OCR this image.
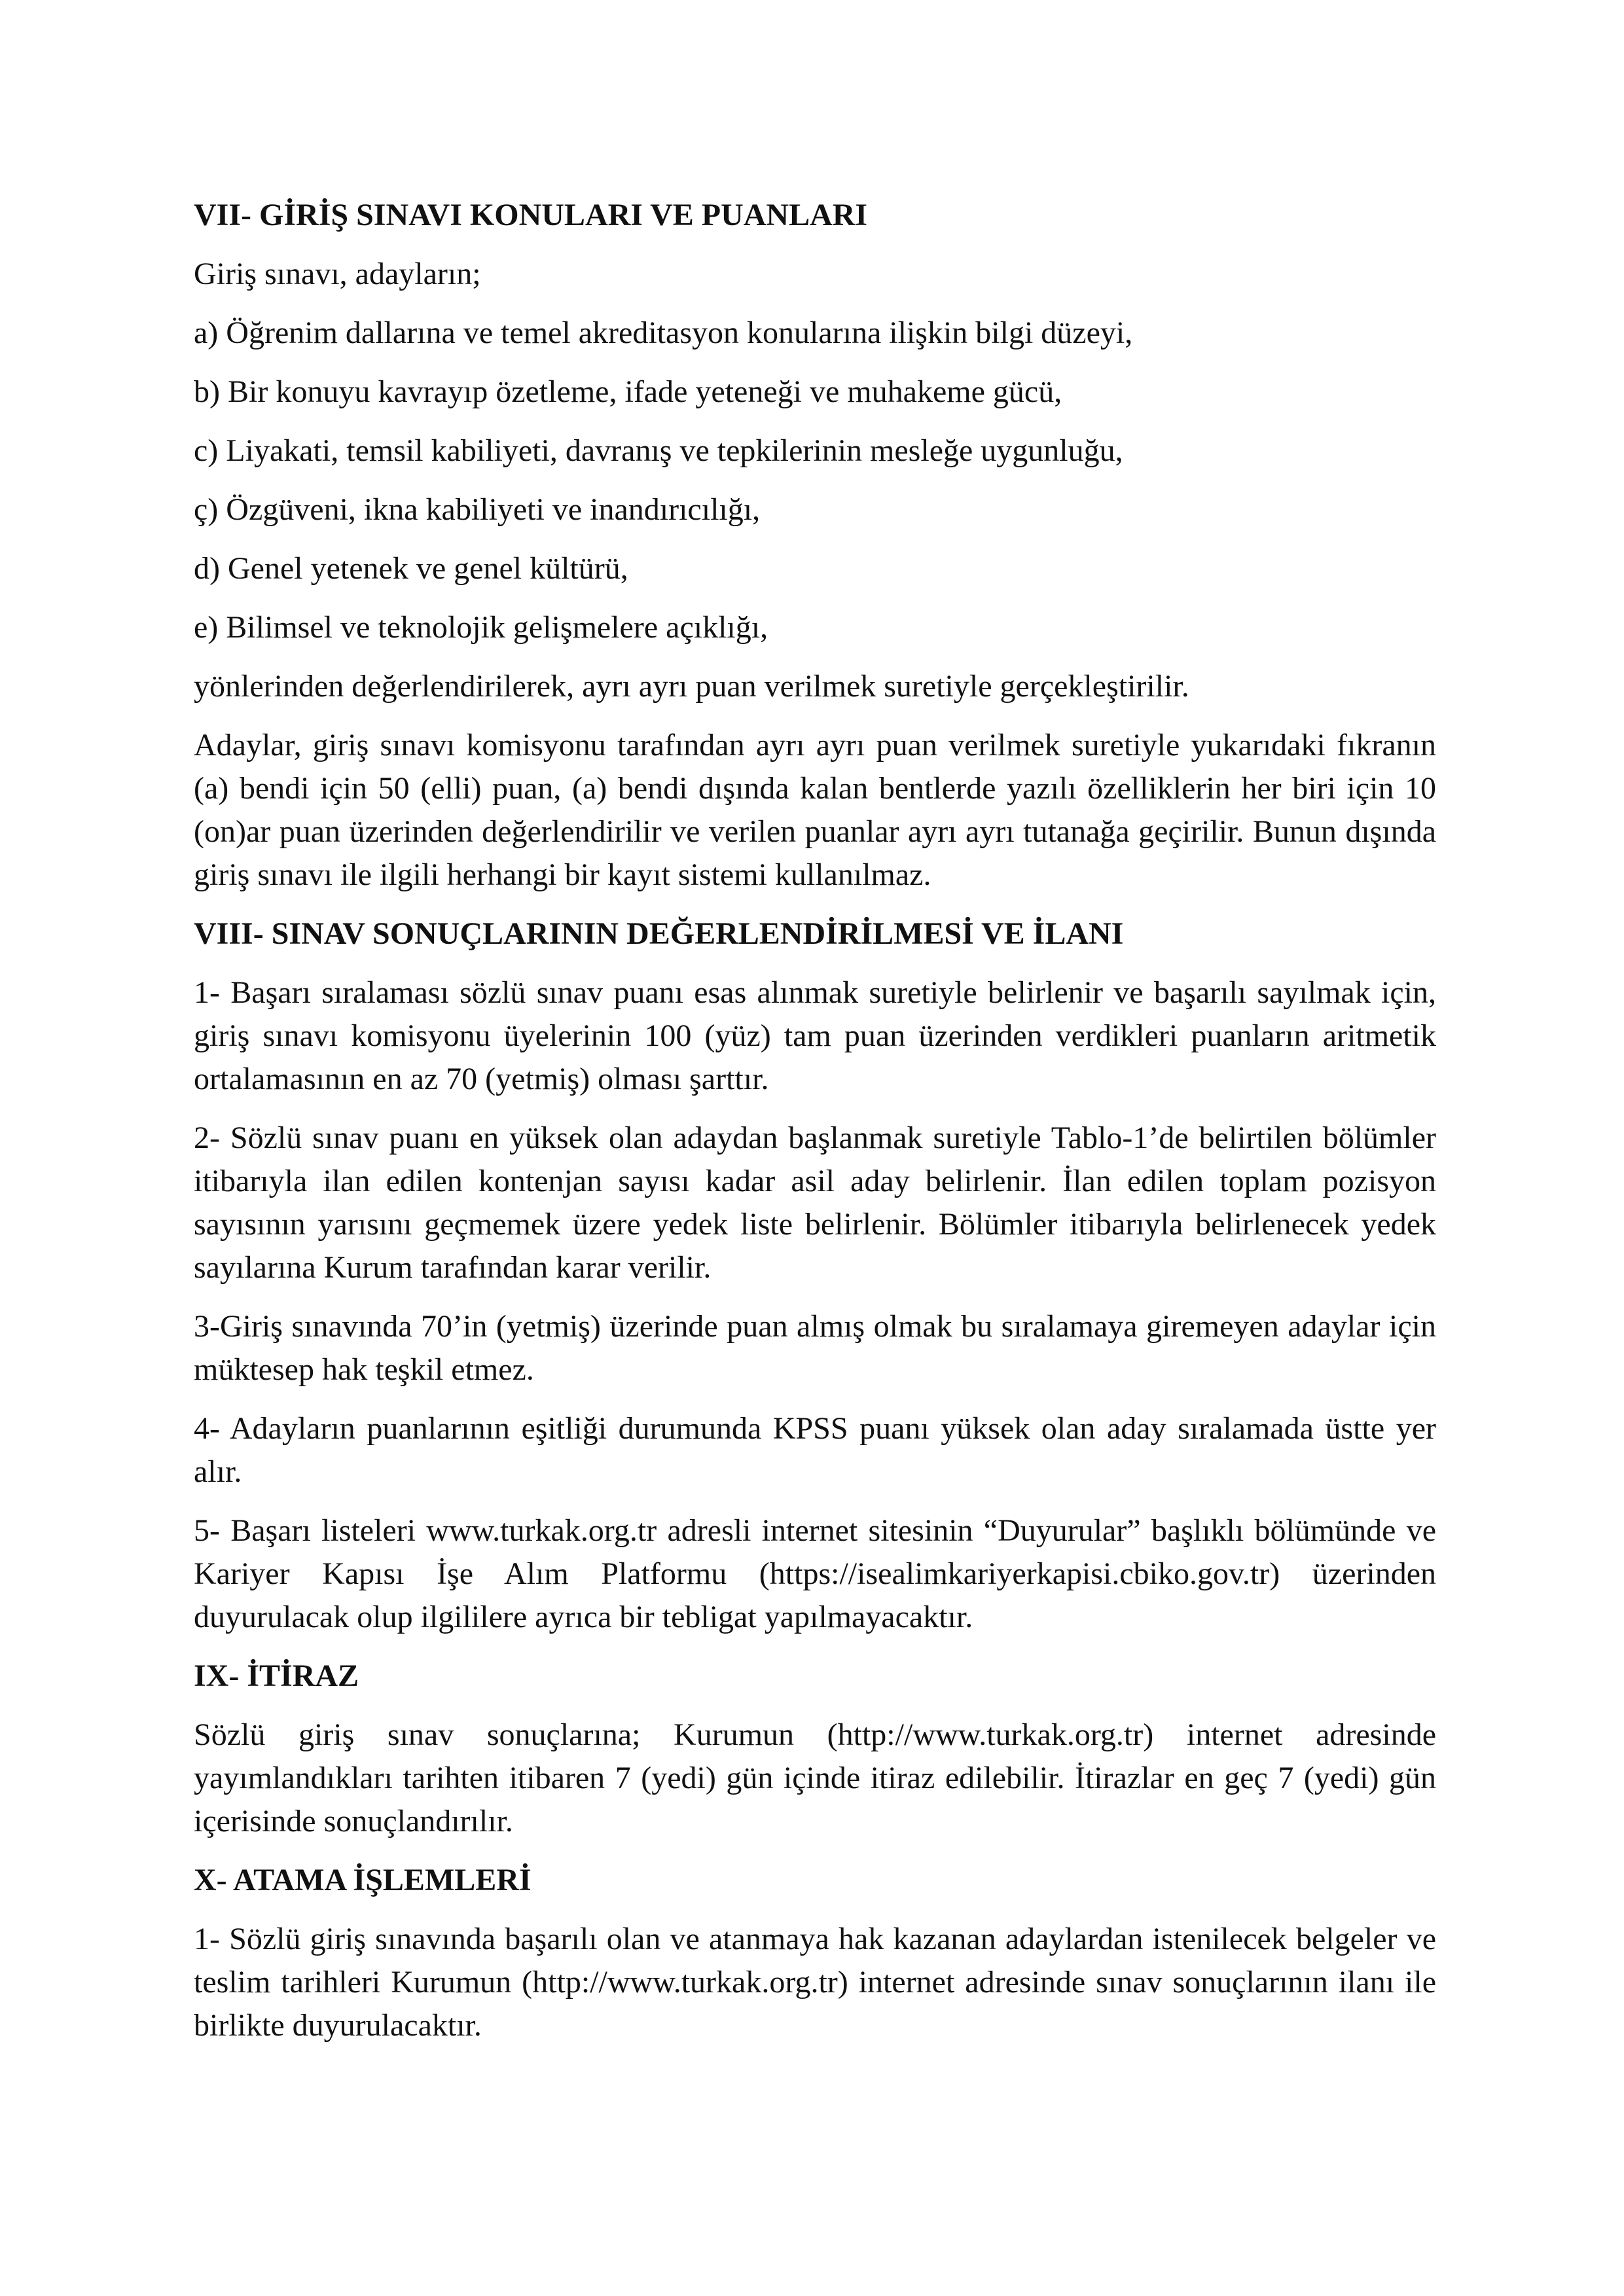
VII- GİRİŞ SINAVI KONULARI VE PUANLARI

Giriş sınavı, adayların;

a) Öğrenim dallarına ve temel akreditasyon konularına ilişkin bilgi düzeyi,

b) Bir konuyu kavrayıp özetleme, ifade yeteneği ve muhakeme gücü,

c) Liyakati, temsil kabiliyeti, davranış ve tepkilerinin mesleğe uygunluğu,

ç) Özgüveni, ikna kabiliyeti ve inandırıcılığı,

d) Genel yetenek ve genel kültürü,

e) Bilimsel ve teknolojik gelişmelere açıklığı,

yönlerinden değerlendirilerek, ayrı ayrı puan verilmek suretiyle gerçekleştirilir.

Adaylar, giriş sınavı komisyonu tarafından ayrı ayrı puan verilmek suretiyle yukarıdaki fıkranın (a) bendi için 50 (elli) puan, (a) bendi dışında kalan bentlerde yazılı özelliklerin her biri için 10 (on)ar puan üzerinden değerlendirilir ve verilen puanlar ayrı ayrı tutanağa geçirilir. Bunun dışında giriş sınavı ile ilgili herhangi bir kayıt sistemi kullanılmaz.

VIII- SINAV SONUÇLARININ DEĞERLENDİRİLMESİ VE İLANI

1- Başarı sıralaması sözlü sınav puanı esas alınmak suretiyle belirlenir ve başarılı sayılmak için, giriş sınavı komisyonu üyelerinin 100 (yüz) tam puan üzerinden verdikleri puanların aritmetik ortalamasının en az 70 (yetmiş) olması şarttır.

2- Sözlü sınav puanı en yüksek olan adaydan başlanmak suretiyle Tablo-1’de belirtilen bölümler itibarıyla ilan edilen kontenjan sayısı kadar asil aday belirlenir. İlan edilen toplam pozisyon sayısının yarısını geçmemek üzere yedek liste belirlenir. Bölümler itibarıyla belirlenecek yedek sayılarına Kurum tarafından karar verilir.

3-Giriş sınavında 70’in (yetmiş) üzerinde puan almış olmak bu sıralamaya giremeyen adaylar için müktesep hak teşkil etmez.

4- Adayların puanlarının eşitliği durumunda KPSS puanı yüksek olan aday sıralamada üstte yer alır.

5- Başarı listeleri www.turkak.org.tr adresli internet sitesinin “Duyurular” başlıklı bölümünde ve Kariyer Kapısı İşe Alım Platformu (https://isealimkariyerkapisi.cbiko.gov.tr) üzerinden duyurulacak olup ilgililere ayrıca bir tebligat yapılmayacaktır.

IX- İTİRAZ

Sözlü giriş sınav sonuçlarına; Kurumun (http://www.turkak.org.tr) internet adresinde yayımlandıkları tarihten itibaren 7 (yedi) gün içinde itiraz edilebilir. İtirazlar en geç 7 (yedi) gün içerisinde sonuçlandırılır.

X- ATAMA İŞLEMLERİ

1- Sözlü giriş sınavında başarılı olan ve atanmaya hak kazanan adaylardan istenilecek belgeler ve teslim tarihleri Kurumun (http://www.turkak.org.tr) internet adresinde sınav sonuçlarının ilanı ile birlikte duyurulacaktır.
